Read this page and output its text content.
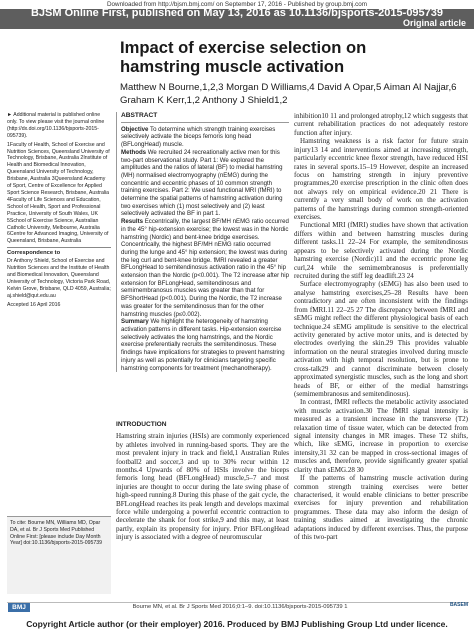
Downloaded from http://bjsm.bmj.com/ on September 17, 2016 - Published by group.bmj.com
BJSM Online First, published on May 13, 2016 as 10.1136/bjsports-2015-095739
Original article
Impact of exercise selection on hamstring muscle activation
Matthew N Bourne,1,2,3 Morgan D Williams,4 David A Opar,5 Aiman Al Najjar,6 Graham K Kerr,1,2 Anthony J Shield1,2

► Additional material is published online only. To view please visit the journal online (http://dx.doi.org/10.1136/bjsports-2015-095739).

1Faculty of Health, School of Exercise and Nutrition Sciences, Queensland University of Technology, Brisbane, Australia 2Institute of Health and Biomedical Innovation, Queensland University of Technology, Brisbane, Australia 3Queensland Academy of Sport, Centre of Excellence for Applied Sport Science Research, Brisbane, Australia 4Faculty of Life Sciences and Education, School of Health, Sport and Professional Practice, University of South Wales, UK 5School of Exercise Science, Australian Catholic University, Melbourne, Australia 6Centre for Advanced Imaging, University of Queensland, Brisbane, Australia

Correspondence to

Dr Anthony Shield, School of Exercise and Nutrition Sciences and the Institute of Health and Biomedical Innovation, Queensland University of Technology, Victoria Park Road, Kelvin Grove, Brisbane, QLD 4059, Australia; aj.shield@qut.edu.au

Accepted 16 April 2016

ABSTRACT

Objective To determine which strength training exercises selectively activate the biceps femoris long head (BFLongHead) muscle.

Methods We recruited 24 recreationally active men for this two-part observational study. Part 1: We explored the amplitudes and the ratios of lateral (BF) to medial hamstring (MH) normalised electromyography (nEMG) during the concentric and eccentric phases of 10 common strength training exercises. Part 2: We used functional MRI (fMRI) to determine the spatial patterns of hamstring activation during two exercises which (1) most selectively and (2) least selectively activated the BF in part 1.

Results Eccentrically, the largest BF/MH nEMG ratio occurred in the 45° hip-extension exercise; the lowest was in the Nordic hamstring (Nordic) and bent-knee bridge exercises. Concentrically, the highest BF/MH nEMG ratio occurred during the lunge and 45° hip extension; the lowest was during the leg curl and bent-knee bridge. fMRI revealed a greater BFLongHead to semitendinosus activation ratio in the 45° hip extension than the Nordic (p<0.001). The T2 increase after hip extension for BFLongHead, semitendinosus and semimembranosus muscles was greater than that for BFShortHead (p<0.001). During the Nordic, the T2 increase was greater for the semitendinosus than for the other hamstring muscles (p≤0.002).

Summary We highlight the heterogeneity of hamstring activation patterns in different tasks. Hip-extension exercise selectively activates the long hamstrings, and the Nordic exercise preferentially recruits the semitendinosus. These findings have implications for strategies to prevent hamstring injury as well as potentially for clinicians targeting specific hamstring components for treatment (mechanotherapy).

INTRODUCTION

Hamstring strain injuries (HSIs) are commonly experienced by athletes involved in running-based sports. They are the most prevalent injury in track and field,1 Australian Rules football2 and soccer,3 and up to 30% recur within 12 months.4 Upwards of 80% of HSIs involve the biceps femoris long head (BFLongHead) muscle,5–7 and most injuries are thought to occur during the late swing phase of high-speed running.8 During this phase of the gait cycle, the BFLongHead reaches its peak length and develops maximal force while undergoing a powerful eccentric contraction to decelerate the shank for foot strike,9 and this may, at least partly, explain its propensity for injury. Prior BFLongHead injury is associated with a degree of neuromuscular

inhibition10 11 and prolonged atrophy,12 which suggests that current rehabilitation practices do not adequately restore function after injury.

Hamstring weakness is a risk factor for future strain injury13 14 and interventions aimed at increasing strength, particularly eccentric knee flexor strength, have reduced HSI rates in several sports.15–19 However, despite an increased focus on hamstring strength in injury preventive programmes,20 exercise prescription in the clinic often does not always rely on empirical evidence.20 21 There is currently a very small body of work on the activation patterns of the hamstrings during common strength-oriented exercises.

Functional MRI (fMRI) studies have shown that activation differs within and between hamstring muscles during different tasks.11 22–24 For example, the semitendinosus appears to be selectively activated during the Nordic hamstring exercise (Nordic)11 and the eccentric prone leg curl,24 while the semimembranosus is preferentially recruited during the stiff leg deadlift.23 24

Surface electromyography (sEMG) has also been used to analyse hamstring exercises,25–28 Results have been contradictory and are often inconsistent with the findings from fMRI.11 22–25 27 The discrepancy between fMRI and sEMG might reflect the different physiological basis of each technique.24 sEMG amplitude is sensitive to the electrical activity generated by active motor units, and is detected by electrodes overlying the skin.29 This provides valuable information on the neural strategies involved during muscle activation with high temporal resolution, but is prone to cross-talk29 and cannot discriminate between closely approximated synergistic muscles, such as the long and short heads of BF, or either of the medial hamstrings (semimembranosus and semitendinosus).

In contrast, fMRI reflects the metabolic activity associated with muscle activation.30 The fMRI signal intensity is measured as a transient increase in the transverse (T2) relaxation time of tissue water, which can be detected from signal intensity changes in MR images. These T2 shifts, which, like sEMG, increase in proportion to exercise intensity,31 32 can be mapped in cross-sectional images of muscles and, therefore, provide significantly greater spatial clarity than sEMG.28 30

If the patterns of hamstring muscle activation during common strength training exercises were better characterised, it would enable clinicians to better prescribe exercises for injury prevention and rehabilitation programmes. These data may also inform the design of training studies aimed at investigating the chronic adaptations induced by different exercises. Thus, the purpose of this two-part

To cite: Bourne MN, Williams MD, Opar DA, et al. Br J Sports Med Published Online First: [please include Day Month Year] doi:10.1136/bjsports-2015-095739
BMJ	Bourne MN, et al. Br J Sports Med 2016;0:1–9. doi:10.1136/bjsports-2015-095739 1	BASEM
Copyright Article author (or their employer) 2016. Produced by BMJ Publishing Group Ltd under licence.
